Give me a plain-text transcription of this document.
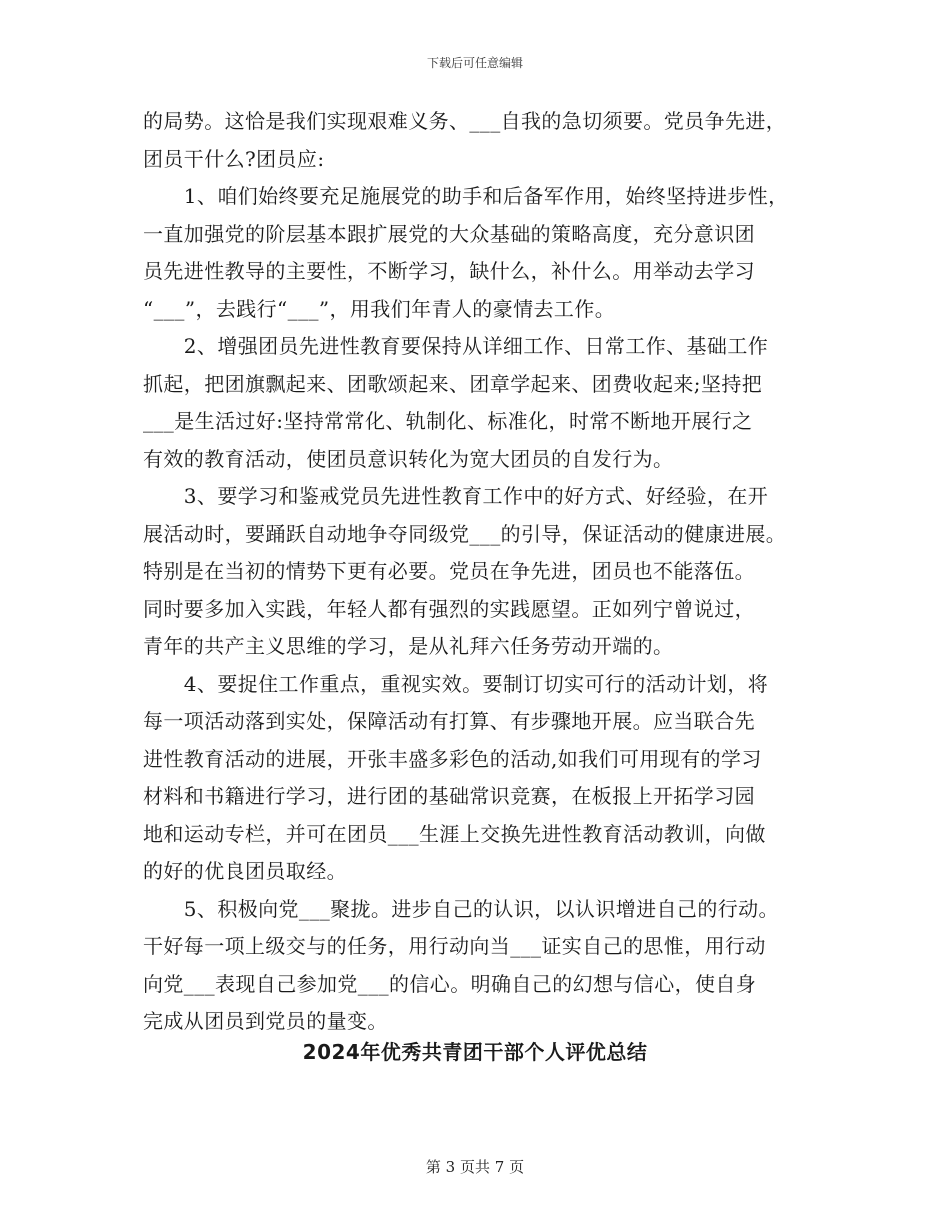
下载后可任意编辑
的局势。这恰是我们实现艰难义务、___自我的急切须要。党员争先进，
团员干什么?团员应:
　　1、咱们始终要充足施展党的助手和后备军作用，始终坚持进步性，
一直加强党的阶层基本跟扩展党的大众基础的策略高度，充分意识团
员先进性教导的主要性，不断学习，缺什么，补什么。用举动去学习
“___”，去践行“___”，用我们年青人的豪情去工作。
　　2、增强团员先进性教育要保持从详细工作、日常工作、基础工作
抓起，把团旗飘起来、团歌颂起来、团章学起来、团费收起来;坚持把
___是生活过好:坚持常常化、轨制化、标准化，时常不断地开展行之
有效的教育活动，使团员意识转化为宽大团员的自发行为。
　　3、要学习和鉴戒党员先进性教育工作中的好方式、好经验，在开
展活动时，要踊跃自动地争夺同级党___的引导，保证活动的健康进展。
特别是在当初的情势下更有必要。党员在争先进，团员也不能落伍。
同时要多加入实践，年轻人都有强烈的实践愿望。正如列宁曾说过，
青年的共产主义思维的学习，是从礼拜六任务劳动开端的。
　　4、要捉住工作重点，重视实效。要制订切实可行的活动计划，将
每一项活动落到实处，保障活动有打算、有步骤地开展。应当联合先
进性教育活动的进展，开张丰盛多彩色的活动,如我们可用现有的学习
材料和书籍进行学习，进行团的基础常识竞赛，在板报上开拓学习园
地和运动专栏，并可在团员___生涯上交换先进性教育活动教训，向做
的好的优良团员取经。
　　5、积极向党___聚拢。进步自己的认识，以认识增进自己的行动。
干好每一项上级交与的任务，用行动向当___证实自己的思惟，用行动
向党___表现自己参加党___的信心。明确自己的幻想与信心，使自身
完成从团员到党员的量变。
2024年优秀共青团干部个人评优总结
第 3 页共 7 页
